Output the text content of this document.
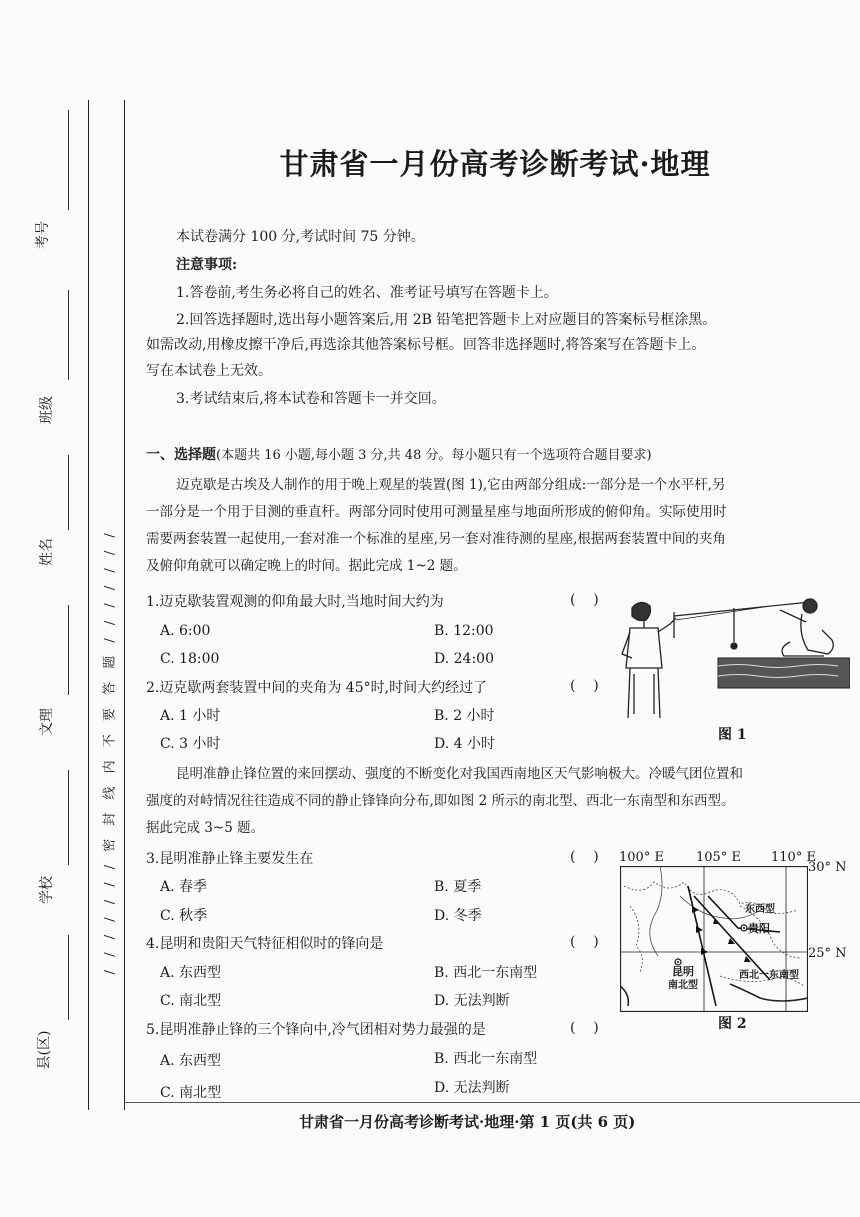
考号
班级
姓名
文理
学校
县(区)
/ / / / / / / 密 封 线 内 不 要 答 题 / / / / / / /
甘肃省一月份高考诊断考试·地理
本试卷满分 100 分,考试时间 75 分钟。
注意事项:
1.答卷前,考生务必将自己的姓名、准考证号填写在答题卡上。
2.回答选择题时,选出每小题答案后,用 2B 铅笔把答题卡上对应题目的答案标号框涂黑。
如需改动,用橡皮擦干净后,再选涂其他答案标号框。回答非选择题时,将答案写在答题卡上。
写在本试卷上无效。
3.考试结束后,将本试卷和答题卡一并交回。
一、选择题(本题共 16 小题,每小题 3 分,共 48 分。每小题只有一个选项符合题目要求)
迈克歇是古埃及人制作的用于晚上观星的装置(图 1),它由两部分组成:一部分是一个水平杆,另
一部分是一个用于目测的垂直杆。两部分同时使用可测量星座与地面所形成的俯仰角。实际使用时
需要两套装置一起使用,一套对准一个标准的星座,另一套对准待测的星座,根据两套装置中间的夹角
及俯仰角就可以确定晚上的时间。据此完成 1~2 题。
1.迈克歇装置观测的仰角最大时,当地时间大约为	(    )
A. 6:00	B. 12:00
C. 18:00	D. 24:00
2.迈克歇两套装置中间的夹角为 45°时,时间大约经过了	(    )
A. 1 小时	B. 2 小时
C. 3 小时	D. 4 小时
图 1
昆明准静止锋位置的来回摆动、强度的不断变化对我国西南地区天气影响极大。冷暖气团位置和
强度的对峙情况往往造成不同的静止锋锋向分布,即如图 2 所示的南北型、西北一东南型和东西型。
据此完成 3~5 题。
3.昆明准静止锋主要发生在	(    )
A. 春季	B. 夏季
C. 秋季	D. 冬季
4.昆明和贵阳天气特征相似时的锋向是	(    )
A. 东西型	B. 西北一东南型
C. 南北型	D. 无法判断
5.昆明准静止锋的三个锋向中,冷气团相对势力最强的是	(    )
A. 东西型	B. 西北一东南型
C. 南北型	D. 无法判断
100° E 105° E 110° E
30° N
25° N
贵阳
东西型
昆明
南北型
西北一东南型
图 2
甘肃省一月份高考诊断考试·地理·第 1 页(共 6 页)
